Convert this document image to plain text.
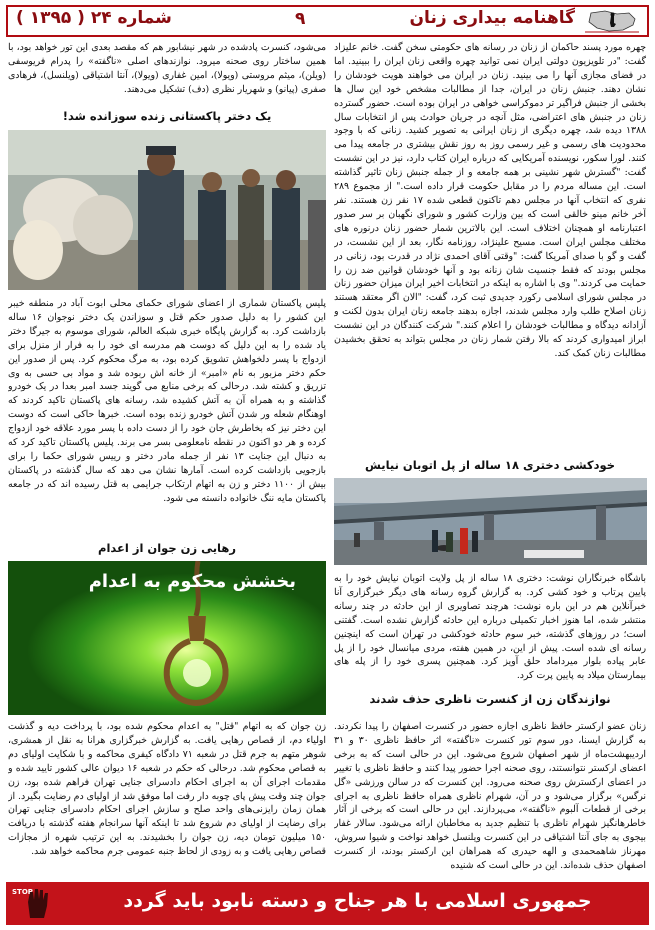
گاهنامه بیداری زنان
۹
شماره ۲۴ ( ۱۳۹۵ )

چهره مورد پسند حاکمان از زنان در رسانه های حکومتی سخن گفت. خانم علیزاد گفت: "در تلویزیون دولتی ایران نمی توانید چهره واقعی زنان ایران را ببینید. اما در فضای مجازی آنها را می بینید. زنان در ایران می خواهند هویت خودشان را نشان دهند. جنبش زنان در ایران، جدا از مطالبات مشخص خود این سال ها بخشی از جنبش فراگیر تر دموکراسی خواهی در ایران بوده است. حضور گسترده زنان در جنبش های اعتراضی، مثل آنچه در جریان حوادث پس از انتخابات سال ۱۳۸۸ دیده شد، چهره دیگری از زنان ایرانی به تصویر کشید. زنانی که با وجود محدودیت های رسمی و غیر رسمی روز به روز نقش بیشتری در جامعه پیدا می کنند. لورا سکور، نویسنده آمریکایی که درباره ایران کتاب دارد، نیز در این نشست گفت: "گسترش شهر نشینی بر همه جامعه و از جمله جنبش زنان تاثیر گذاشته است. این مساله مردم را در مقابل حکومت قرار داده است." از مجموع ۲۸۹ نفری که انتخاب آنها در مجلس دهم تاکنون قطعی شده ۱۷ نفر زن هستند. نفر آخر خانم مینو خالقی است که بین وزارت کشور و شورای نگهبان بر سر صدور اعتبارنامه او همچنان اختلاف است. این بالاترین شمار حضور زنان درنوره های مختلف مجلس ایران است. مسیح علینژاد، روزنامه نگار، بعد از این نشست، در گفت و گو با صدای آمریکا گفت: "وقتی آقای احمدی نژاد در قدرت بود، زنانی در مجلس بودند که فقط جنسیت شان زنانه بود و آنها خودشان قوانین ضد زن را حمایت می کردند." وی با اشاره به اینکه در انتخابات اخیر ایران میزان حضور زنان در مجلس شورای اسلامی رکورد جدیدی ثبت کرد، گفت: "الان اگر معتقد هستند زنان اصلاح طلب وارد مجلس شدند، اجازه بدهند جامعه زنان ایران بدون لکنت و آزادانه دیدگاه و مطالبات خودشان را اعلام کنند." شرکت کنندگان در این نشست ابراز امیدواری کردند که بالا رفتن شمار زنان در مجلس بتواند به تحقق بخشیدن مطالبات زنان کمک کند.

باشگاه خبرنگاران نوشت: دختری ۱۸ ساله از پل ولایت اتوبان نیایش خود را به پایین پرتاب و خود کشی کرد. به گزارش گروه رسانه های دیگر خبرگزاری آنا خبرآنلاین هم در این باره نوشت: هرچند تصاویری از این حادثه در چند رسانه منتشر شده، اما هنوز اخبار تکمیلی درباره این حادثه گزارش نشده است. گفتنی است؛ در روزهای گذشته، خبر سوم حادثه خودکشی در تهران است که اینچنین رسانه ای شده است. پیش از این، در همین هفته، مردی میانسال خود را از پل عابر پیاده بلوار میرداماد حلق آویز کرد. همچنین پسری خود را از پله های بیمارستان میلاد به پایین پرت کرد.

زنان عضو ارکستر حافظ ناظری اجازه حضور در کنسرت اصفهان را پیدا نکردند. به گزارش ایسنا، دور سوم تور کنسرت «ناگفته» اثر حافظ ناظری ۳۰ و ۳۱ اردیبهشت‌ماه از شهر اصفهان شروع می‌شود. این در حالی است که به برخی اعضای ارکستر نتوانستند، روی صحنه اجرا حضور پیدا کنند و حافظ ناظری با تغییر در اعضای ارکسترش روی صحنه می‌رود. این کنسرت که در سالن ورزشی «گل نرگس» برگزار می‌شود و در آن، شهرام ناظری همراه حافظ ناظری به اجرای برخی از قطعات آلبوم «ناگفته»، می‌پردازند. این در حالی است که برخی از آثار خاطرهانگیز شهرام ناظری با تنظیم جدید به مخاطبان ارائه می‌شود. سالار غفار بیجوی به جای آنتا اشتیاقی در این کنسرت ویلنسل خواهد نواخت و شیوا سروش، مهرناز شاهمحمدی و الهه حیدری که همراهان این ارکستر بودند، از کنسرت اصفهان حذف شده‌اند. این در حالی است که شنیده

خودکشی دختری ۱۸ ساله از پل اتوبان نیایش
نوازندگان زن از کنسرت ناظری حذف شدند

می‌شود، کنسرت پادشده در شهر نیشابور هم که مقصد بعدی این تور خواهد بود، با همین ساختار روی صحنه میرود. نوازندهای اصلی «ناگفته» را پدرام فریوسفی (ویلن)، میثم مروستی (ویولا)، امین غفاری (ویولا)، آنتا اشتیاقی (ویلنسل)، فرهادی صفری (پیانو) و شهریار نظری (دف) تشکیل می‌دهند.

یک دختر پاکستانی زنده سوزانده شد!

پلیس پاکستان شماری از اعضای شورای حکمای محلی ابوت آباد در منطقه خیبر این کشور را به دلیل صدور حکم قتل و سوزاندن یک دختر نوجوان ۱۶ ساله بازداشت کرد. به گزارش پایگاه خبری شبکه العالم، شورای موسوم به جیرگا دختر یاد شده را به این دلیل که دوست هم مدرسه ای خود را به فرار از منزل برای ازدواج با پسر دلخواهش تشویق کرده بود، به مرگ محکوم کرد. پس از صدور این حکم دختر مزبور به نام «امبر» از خانه اش ربوده شد و مواد بی حسی به وی تزریق و کشته شد. درحالی که برخی منابع می گویند جسد امبر بعدا در یک خودرو گذاشته و به همراه آن به آتش کشیده شد، رسانه های پاکستان تاکید کردند که اوهنگام شعله ور شدن آتش خودرو زنده بوده است. خبرها حاکی است که دوست این دختر نیز که بخاطرش جان خود را از دست داده با پسر مورد علاقه خود ازدواج کرده و هر دو اکنون در نقطه نامعلومی بسر می برند. پلیس پاکستان تاکید کرد که به دنبال این جنایت ۱۳ نفر از جمله مادر دختر و رییس شورای حکما را برای بازجویی بازداشت کرده است. آمارها نشان می دهد که سال گذشته در پاکستان بیش از ۱۱۰۰ دختر و زن به اتهام ارتکاب جرایمی به قتل رسیده اند که در جامعه پاکستان مایه ننگ خانواده دانسته می شود.

رهایی زن جوان از اعدام
بخشش محکوم به اعدام

زن جوان که به اتهام "قتل" به اعدام محکوم شده بود، با پرداخت دیه و گذشت اولیاء دم، از قصاص رهایی یافت. به گزارش خبرگزاری هرانا به نقل از همشری، شوهر متهم به جرم قتل در شعبه ۷۱ دادگاه کیفری محاکمه و با شکایت اولیای دم به قصاص محکوم شد. درحالی که حکم در شعبه ۱۶ دیوان عالی کشور تایید شده و مقدمات اجرای آن به اجرای احکام دادسرای جنایی تهران فراهم شده بود، زن جوان چند وقت پیش پای چوبه دار رفت اما موفق شد از اولیای دم رضایت بگیرد. از همان زمان رایزنی‌های واحد صلح و سازش اجرای احکام دادسرای جنایی تهران برای رضایت از اولیای دم شروع شد تا اینکه آنها سرانجام هفته گذشته با دریافت ۱۵۰ میلیون تومان دیه، زن جوان را بخشیدند. به این ترتیب شهره از مجازات قصاص رهایی یافت و به زودی از لحاظ جنبه عمومی جرم محاکمه خواهد شد.

STOP	جمهوری اسلامی با هر جناح و دسته نابود باید گردد
